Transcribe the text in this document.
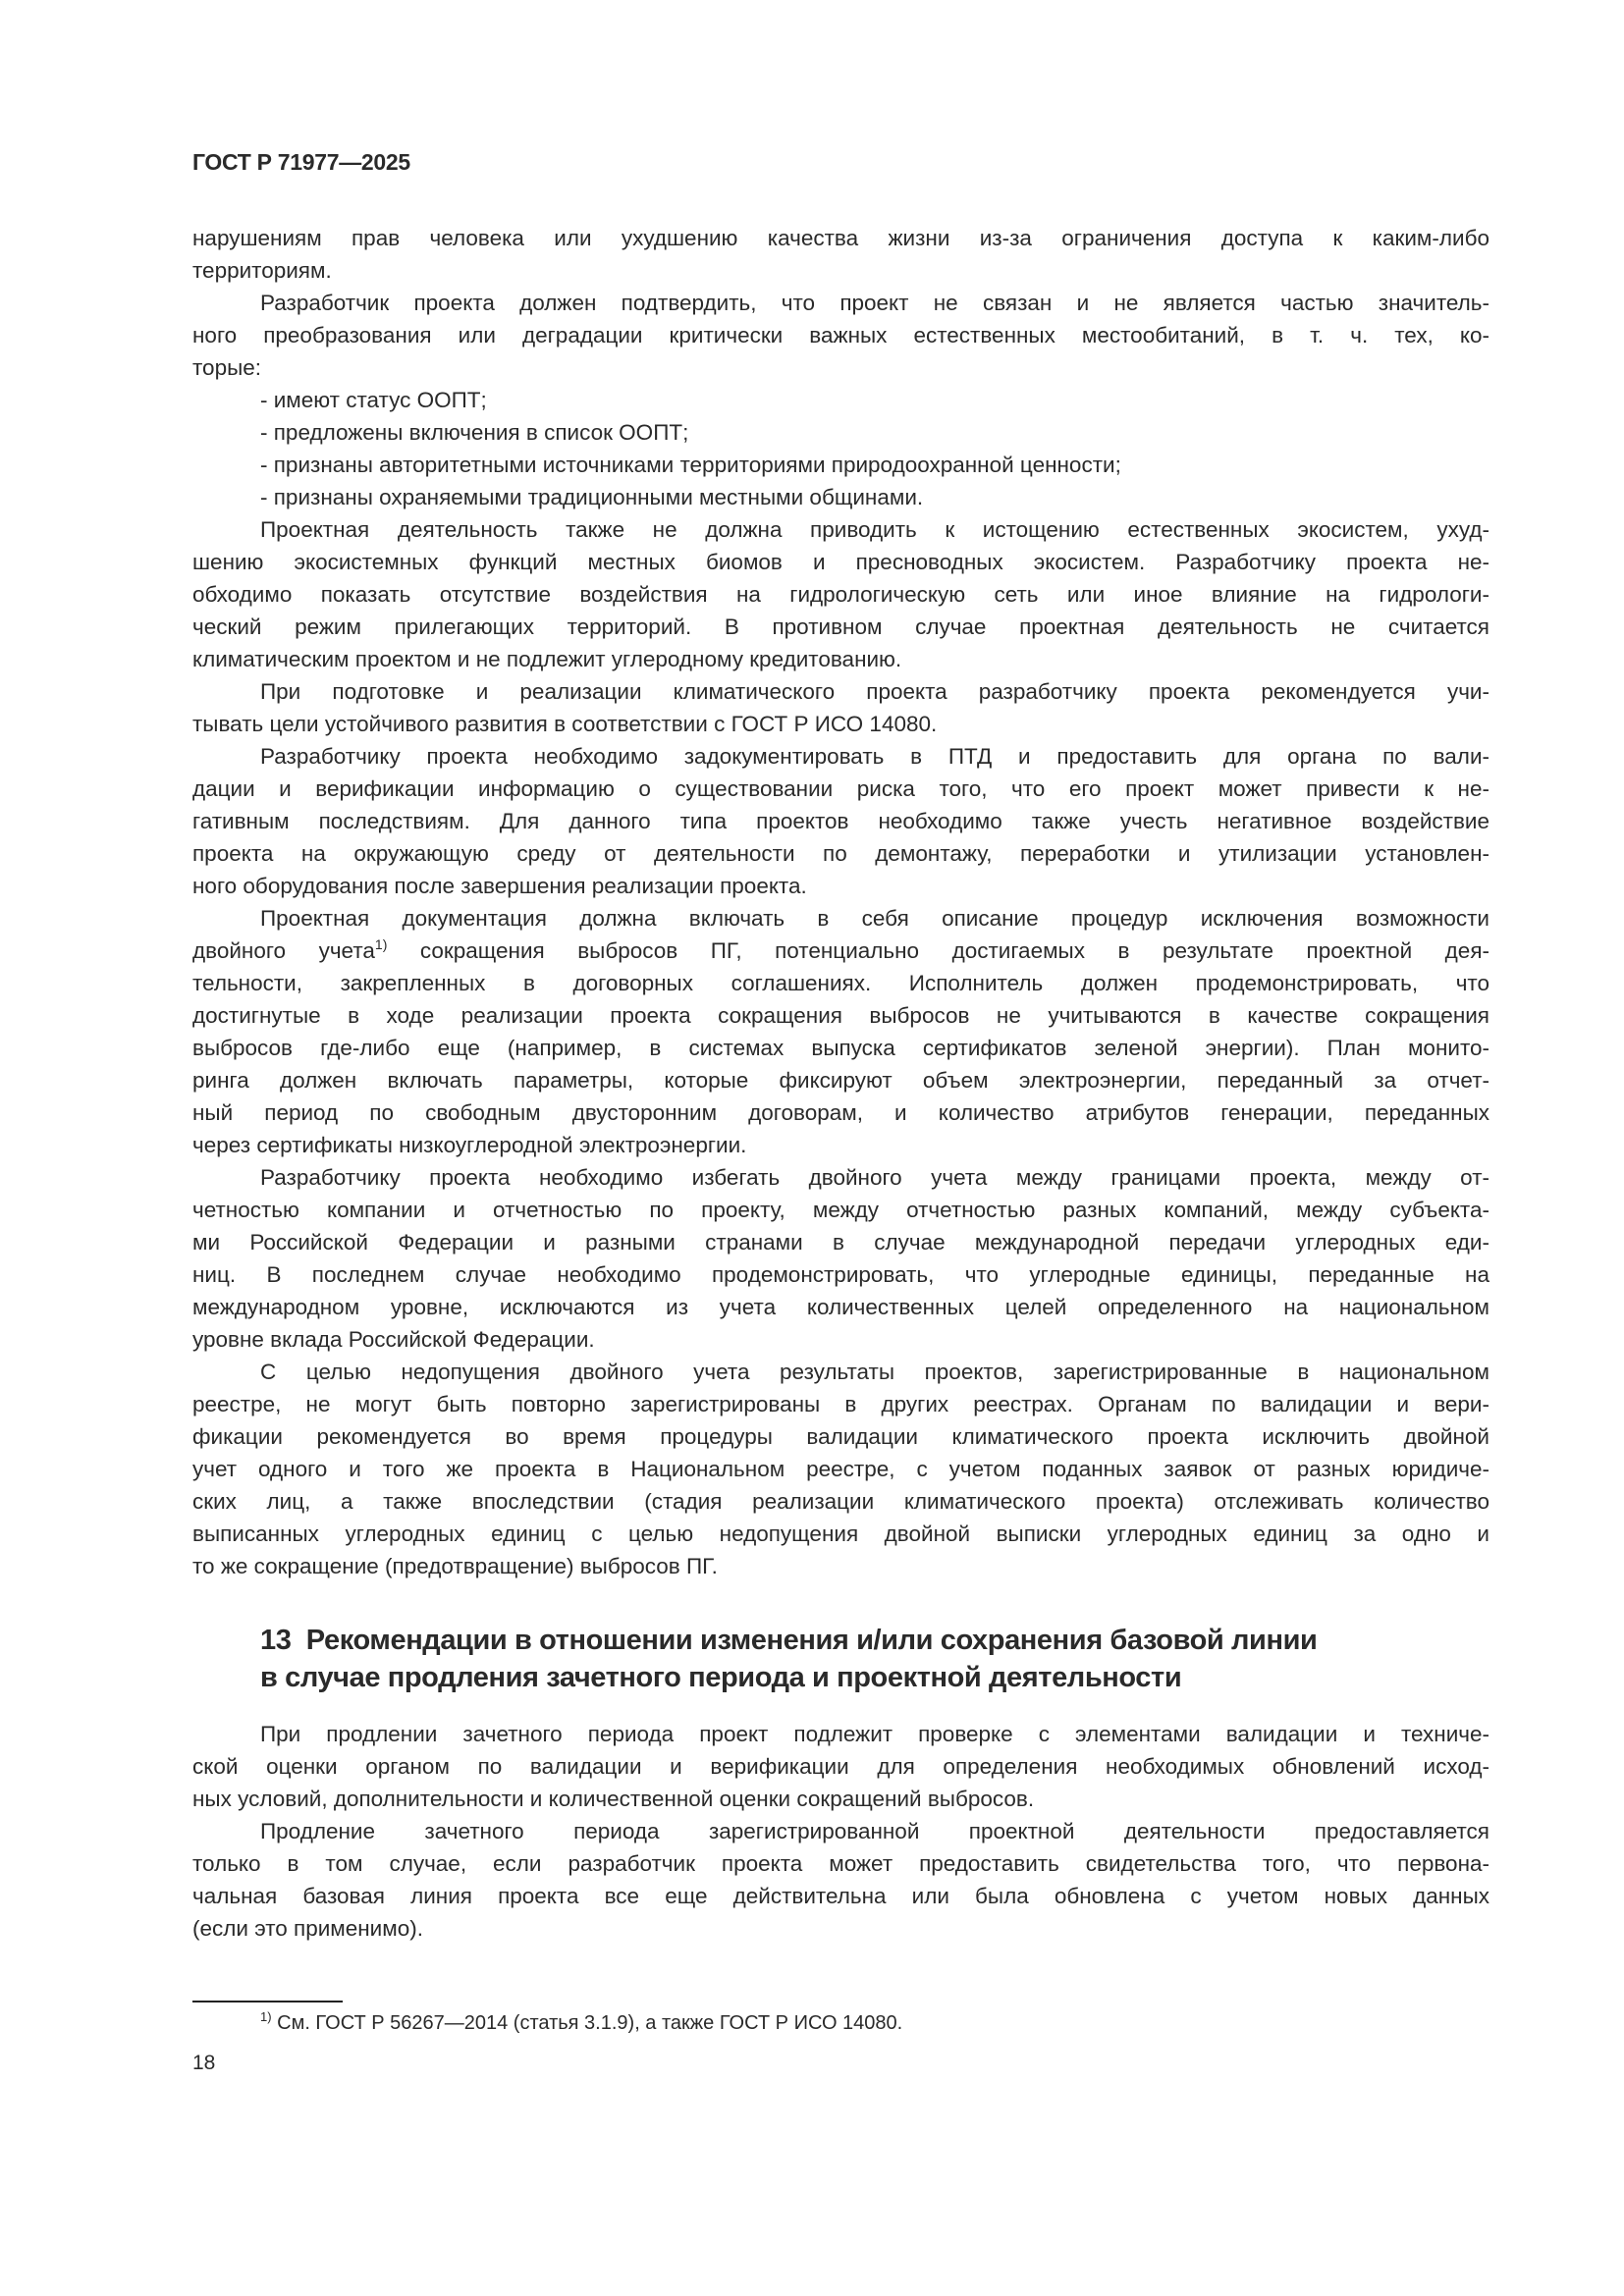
ГОСТ Р 71977—2025
нарушениям прав человека или ухудшению качества жизни из-за ограничения доступа к каким-либо
территориям.
Разработчик проекта должен подтвердить, что проект не связан и не является частью значитель-
ного преобразования или деградации критически важных естественных местообитаний, в т. ч. тех, ко-
торые:
- имеют статус ООПТ;
- предложены включения в список ООПТ;
- признаны авторитетными источниками территориями природоохранной ценности;
- признаны охраняемыми традиционными местными общинами.
Проектная деятельность также не должна приводить к истощению естественных экосистем, ухуд-
шению экосистемных функций местных биомов и пресноводных экосистем. Разработчику проекта не-
обходимо показать отсутствие воздействия на гидрологическую сеть или иное влияние на гидрологи-
ческий режим прилегающих территорий. В противном случае проектная деятельность не считается
климатическим проектом и не подлежит углеродному кредитованию.
При подготовке и реализации климатического проекта разработчику проекта рекомендуется учи-
тывать цели устойчивого развития в соответствии с ГОСТ Р ИСО 14080.
Разработчику проекта необходимо задокументировать в ПТД и предоставить для органа по вали-
дации и верификации информацию о существовании риска того, что его проект может привести к не-
гативным последствиям. Для данного типа проектов необходимо также учесть негативное воздействие
проекта на окружающую среду от деятельности по демонтажу, переработки и утилизации установлен-
ного оборудования после завершения реализации проекта.
Проектная документация должна включать в себя описание процедур исключения возможности
двойного учета$^{1)}$ сокращения выбросов ПГ, потенциально достигаемых в результате проектной дея-
тельности, закрепленных в договорных соглашениях. Исполнитель должен продемонстрировать, что
достигнутые в ходе реализации проекта сокращения выбросов не учитываются в качестве сокращения
выбросов где-либо еще (например, в системах выпуска сертификатов зеленой энергии). План монито-
ринга должен включать параметры, которые фиксируют объем электроэнергии, переданный за отчет-
ный период по свободным двусторонним договорам, и количество атрибутов генерации, переданных
через сертификаты низкоуглеродной электроэнергии.
Разработчику проекта необходимо избегать двойного учета между границами проекта, между от-
четностью компании и отчетностью по проекту, между отчетностью разных компаний, между субъекта-
ми Российской Федерации и разными странами в случае международной передачи углеродных еди-
ниц. В последнем случае необходимо продемонстрировать, что углеродные единицы, переданные на
международном уровне, исключаются из учета количественных целей определенного на национальном
уровне вклада Российской Федерации.
С целью недопущения двойного учета результаты проектов, зарегистрированные в национальном
реестре, не могут быть повторно зарегистрированы в других реестрах. Органам по валидации и вери-
фикации рекомендуется во время процедуры валидации климатического проекта исключить двойной
учет одного и того же проекта в Национальном реестре, с учетом поданных заявок от разных юридиче-
ских лиц, а также впоследствии (стадия реализации климатического проекта) отслеживать количество
выписанных углеродных единиц с целью недопущения двойной выписки углеродных единиц за одно и
то же сокращение (предотвращение) выбросов ПГ.
13 Рекомендации в отношении изменения и/или сохранения базовой линии
в случае продления зачетного периода и проектной деятельности
При продлении зачетного периода проект подлежит проверке с элементами валидации и техниче-
ской оценки органом по валидации и верификации для определения необходимых обновлений исход-
ных условий, дополнительности и количественной оценки сокращений выбросов.
Продление зачетного периода зарегистрированной проектной деятельности предоставляется
только в том случае, если разработчик проекта может предоставить свидетельства того, что первона-
чальная базовая линия проекта все еще действительна или была обновлена с учетом новых данных
(если это применимо).
$^{1)}$ См. ГОСТ Р 56267—2014 (статья 3.1.9), а также ГОСТ Р ИСО 14080.
18
